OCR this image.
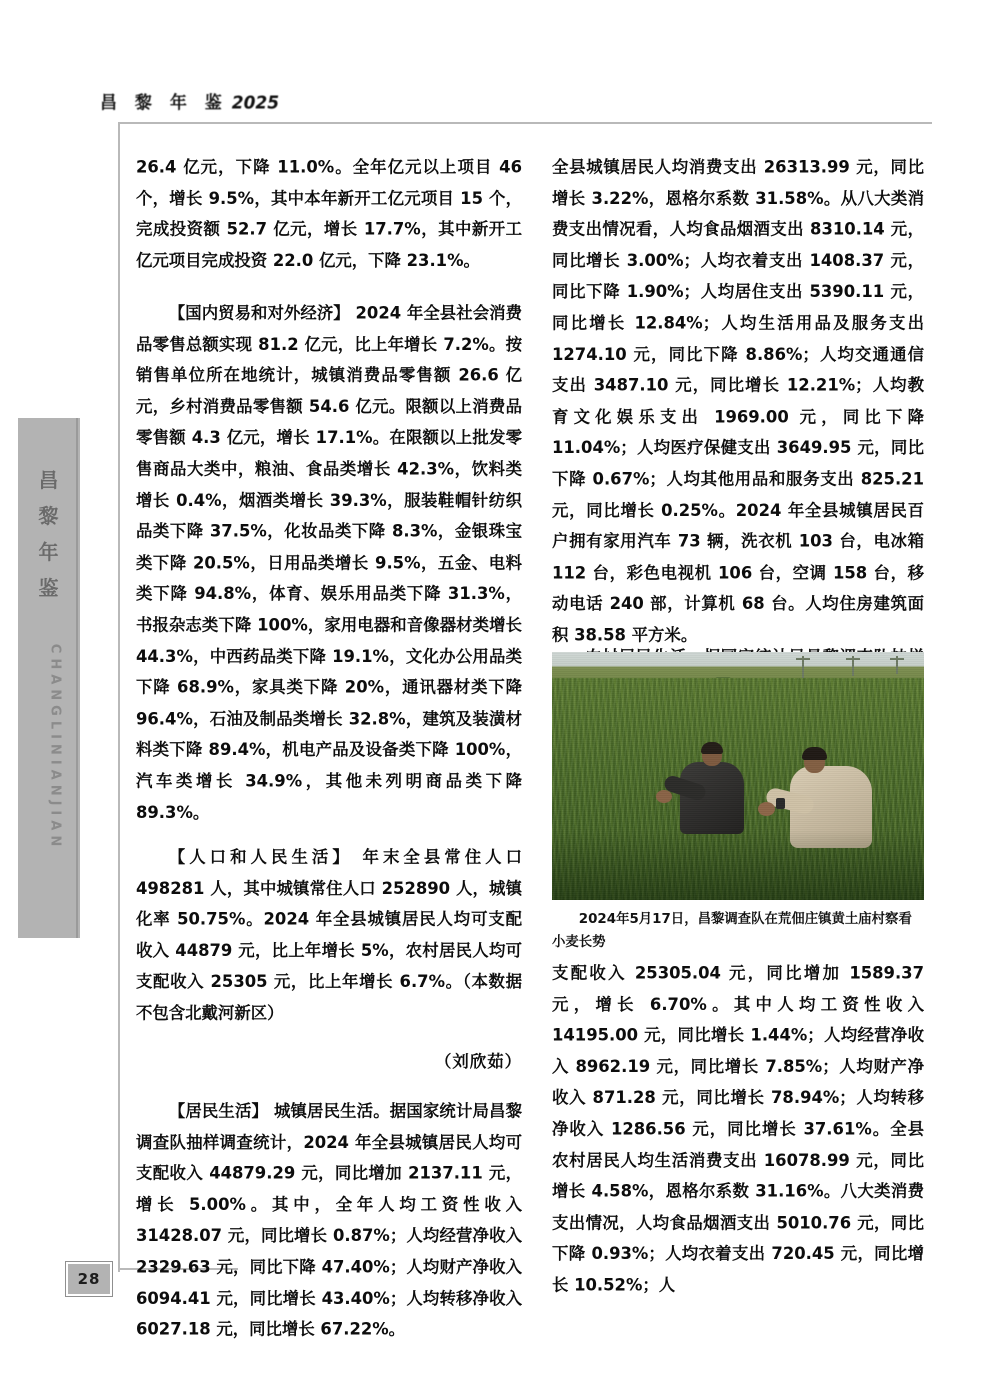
昌 黎 年 鉴 2025
昌
黎
年
鉴
CHANGLINIANJIAN
28

26.4 亿元，下降 11.0%。全年亿元以上项目 46 个，增长 9.5%，其中本年新开工亿元项目 15 个，完成投资额 52.7 亿元，增长 17.7%，其中新开工亿元项目完成投资 22.0 亿元，下降 23.1%。

【国内贸易和对外经济】 2024 年全县社会消费品零售总额实现 81.2 亿元，比上年增长 7.2%。按销售单位所在地统计，城镇消费品零售额 26.6 亿元，乡村消费品零售额 54.6 亿元。限额以上消费品零售额 4.3 亿元，增长 17.1%。在限额以上批发零售商品大类中，粮油、食品类增长 42.3%，饮料类增长 0.4%，烟酒类增长 39.3%，服装鞋帽针纺织品类下降 37.5%，化妆品类下降 8.3%，金银珠宝类下降 20.5%，日用品类增长 9.5%，五金、电料类下降 94.8%，体育、娱乐用品类下降 31.3%，书报杂志类下降 100%，家用电器和音像器材类增长 44.3%，中西药品类下降 19.1%，文化办公用品类下降 68.9%，家具类下降 20%，通讯器材类下降 96.4%，石油及制品类增长 32.8%，建筑及装潢材料类下降 89.4%，机电产品及设备类下降 100%，汽车类增长 34.9%，其他未列明商品类下降 89.3%。

【人口和人民生活】 年末全县常住人口 498281 人，其中城镇常住人口 252890 人，城镇化率 50.75%。2024 年全县城镇居民人均可支配收入 44879 元，比上年增长 5%，农村居民人均可支配收入 25305 元，比上年增长 6.7%。（本数据不包含北戴河新区）

（刘欣茹）

【居民生活】 城镇居民生活。据国家统计局昌黎调查队抽样调查统计，2024 年全县城镇居民人均可支配收入 44879.29 元，同比增加 2137.11 元，增长 5.00%。其中，全年人均工资性收入 31428.07 元，同比增长 0.87%；人均经营净收入 2329.63 元，同比下降 47.40%；人均财产净收入 6094.41 元，同比增长 43.40%；人均转移净收入 6027.18 元，同比增长 67.22%。

全县城镇居民人均消费支出 26313.99 元，同比增长 3.22%，恩格尔系数 31.58%。从八大类消费支出情况看，人均食品烟酒支出 8310.14 元，同比增长 3.00%；人均衣着支出 1408.37 元，同比下降 1.90%；人均居住支出 5390.11 元，同比增长 12.84%；人均生活用品及服务支出 1274.10 元，同比下降 8.86%；人均交通通信支出 3487.10 元，同比增长 12.21%；人均教育文化娱乐支出 1969.00 元，同比下降 11.04%；人均医疗保健支出 3649.95 元，同比下降 0.67%；人均其他用品和服务支出 825.21 元，同比增长 0.25%。2024 年全县城镇居民百户拥有家用汽车 73 辆，洗衣机 103 台，电冰箱 112 台，彩色电视机 106 台，空调 158 台，移动电话 240 部，计算机 68 台。人均住房建筑面积 38.58 平方米。

2024年5月17日，昌黎调查队在荒佃庄镇黄土庙村察看小麦长势

支配收入 25305.04 元，同比增加 1589.37 元，增长 6.70%。其中人均工资性收入 14195.00 元，同比增长 1.44%；人均经营净收入 8962.19 元，同比增长 7.85%；人均财产净收入 871.28 元，同比增长 78.94%；人均转移净收入 1286.56 元，同比增长 37.61%。全县农村居民人均生活消费支出 16078.99 元，同比增长 4.58%，恩格尔系数 31.16%。八大类消费支出情况，人均食品烟酒支出 5010.76 元，同比下降 0.93%；人均衣着支出 720.45 元，同比增长 10.52%；人
